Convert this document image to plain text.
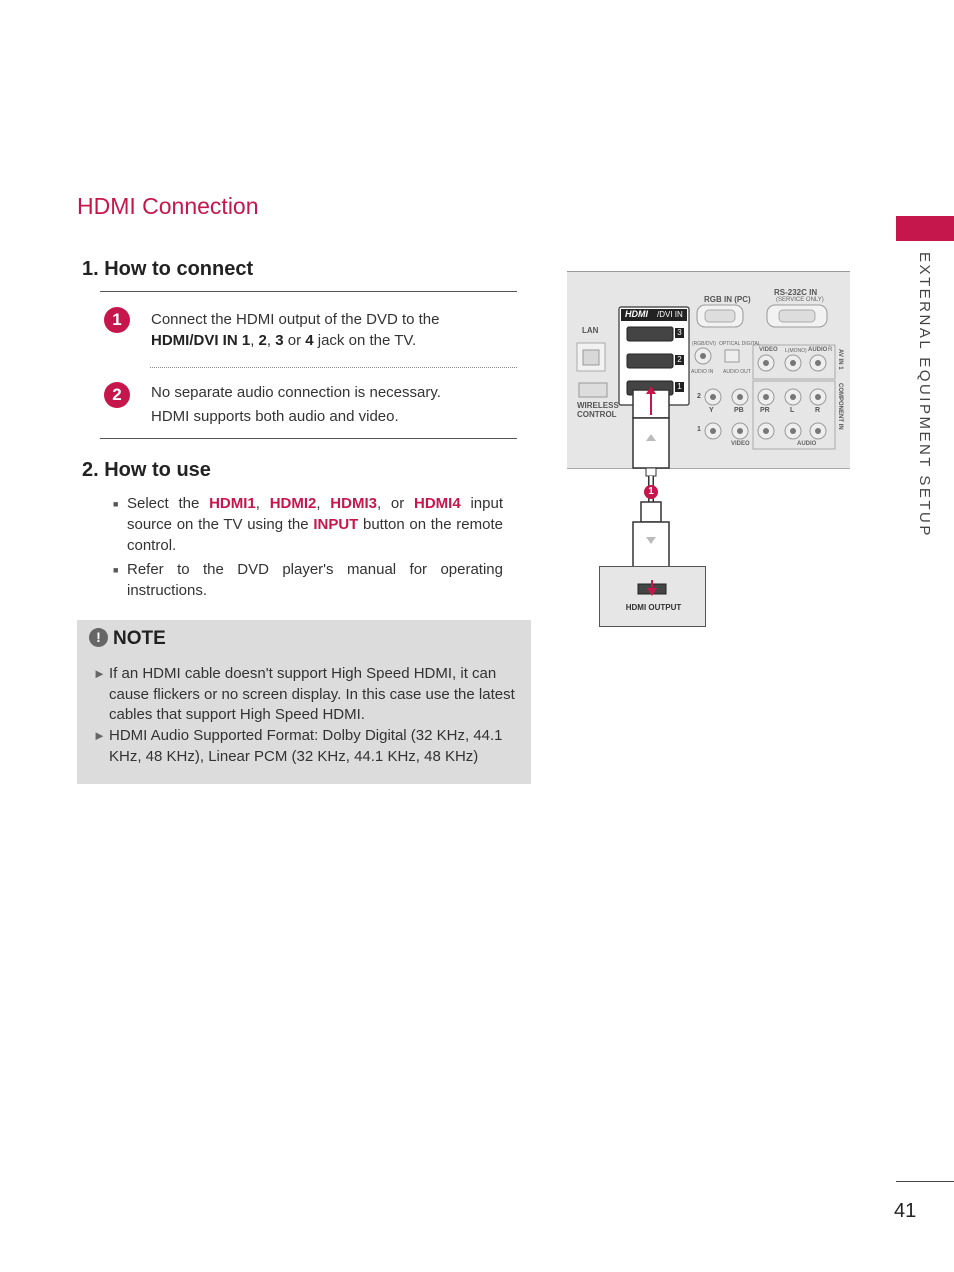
HDMI Connection
1. How to connect
1	Connect the HDMI output of the DVD to the
HDMI/DVI IN 1, 2, 3 or 4 jack on the TV.
2	No separate audio connection is necessary.
HDMI supports both audio and video.
2. How to use
■ Select the HDMI1, HDMI2, HDMI3, or HDMI4 input source on the TV using the INPUT button on the remote control.
■ Refer to the DVD player's manual for operating instructions.
! NOTE
► If an HDMI cable doesn't support High Speed HDMI, it can cause flickers or no screen display. In this case use the latest cables that support High Speed HDMI.
► HDMI Audio Supported Format: Dolby Digital (32 KHz, 44.1 KHz, 48 KHz), Linear PCM (32 KHz, 44.1 KHz, 48 KHz)
LAN
WIRELESS CONTROL
HDMI /DVI IN
3
2
1
RGB IN (PC)
RS-232C IN
(SERVICE ONLY)
(RGB/DVI)
AUDIO IN
OPTICAL DIGITAL
AUDIO OUT
VIDEO L(MONO) AUDIO R AV IN 1
COMPONENT IN
2
1
Y	PB PR	L	R
VIDEO	AUDIO
1
HDMI OUTPUT
EXTERNAL EQUIPMENT SETUP
41
